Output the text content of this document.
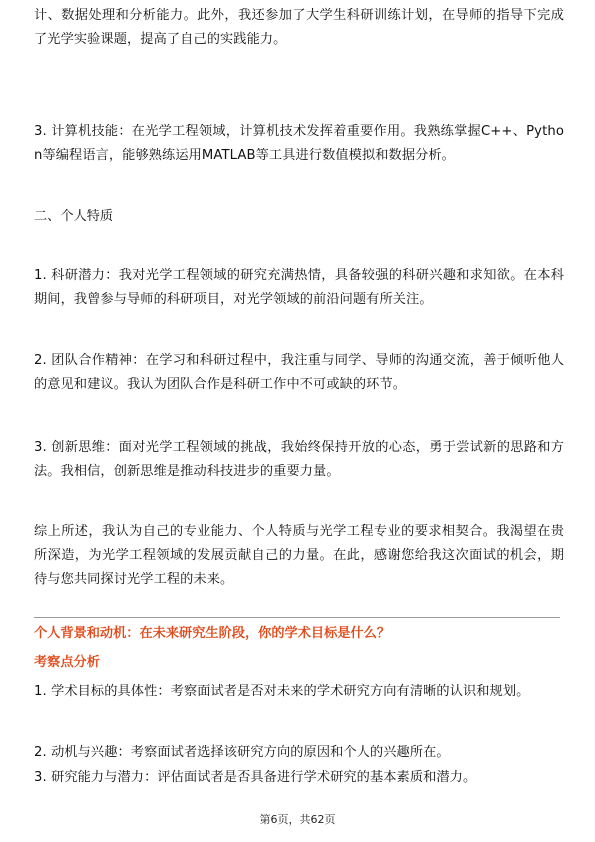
计、数据处理和分析能力。此外，我还参加了大学生科研训练计划，在导师的指导下完成了光学实验课题，提高了自己的实践能力。

3. 计算机技能：在光学工程领域，计算机技术发挥着重要作用。我熟练掌握C++、Python等编程语言，能够熟练运用MATLAB等工具进行数值模拟和数据分析。

二、个人特质

1. 科研潜力：我对光学工程领域的研究充满热情，具备较强的科研兴趣和求知欲。在本科期间，我曾参与导师的科研项目，对光学领域的前沿问题有所关注。

2. 团队合作精神：在学习和科研过程中，我注重与同学、导师的沟通交流，善于倾听他人的意见和建议。我认为团队合作是科研工作中不可或缺的环节。

3. 创新思维：面对光学工程领域的挑战，我始终保持开放的心态，勇于尝试新的思路和方法。我相信，创新思维是推动科技进步的重要力量。

综上所述，我认为自己的专业能力、个人特质与光学工程专业的要求相契合。我渴望在贵所深造，为光学工程领域的发展贡献自己的力量。在此，感谢您给我这次面试的机会，期待与您共同探讨光学工程的未来。

个人背景和动机：在未来研究生阶段，你的学术目标是什么？

考察点分析

1. 学术目标的具体性：考察面试者是否对未来的学术研究方向有清晰的认识和规划。

2. 动机与兴趣：考察面试者选择该研究方向的原因和个人的兴趣所在。

3. 研究能力与潜力：评估面试者是否具备进行学术研究的基本素质和潜力。

第6页，共62页
